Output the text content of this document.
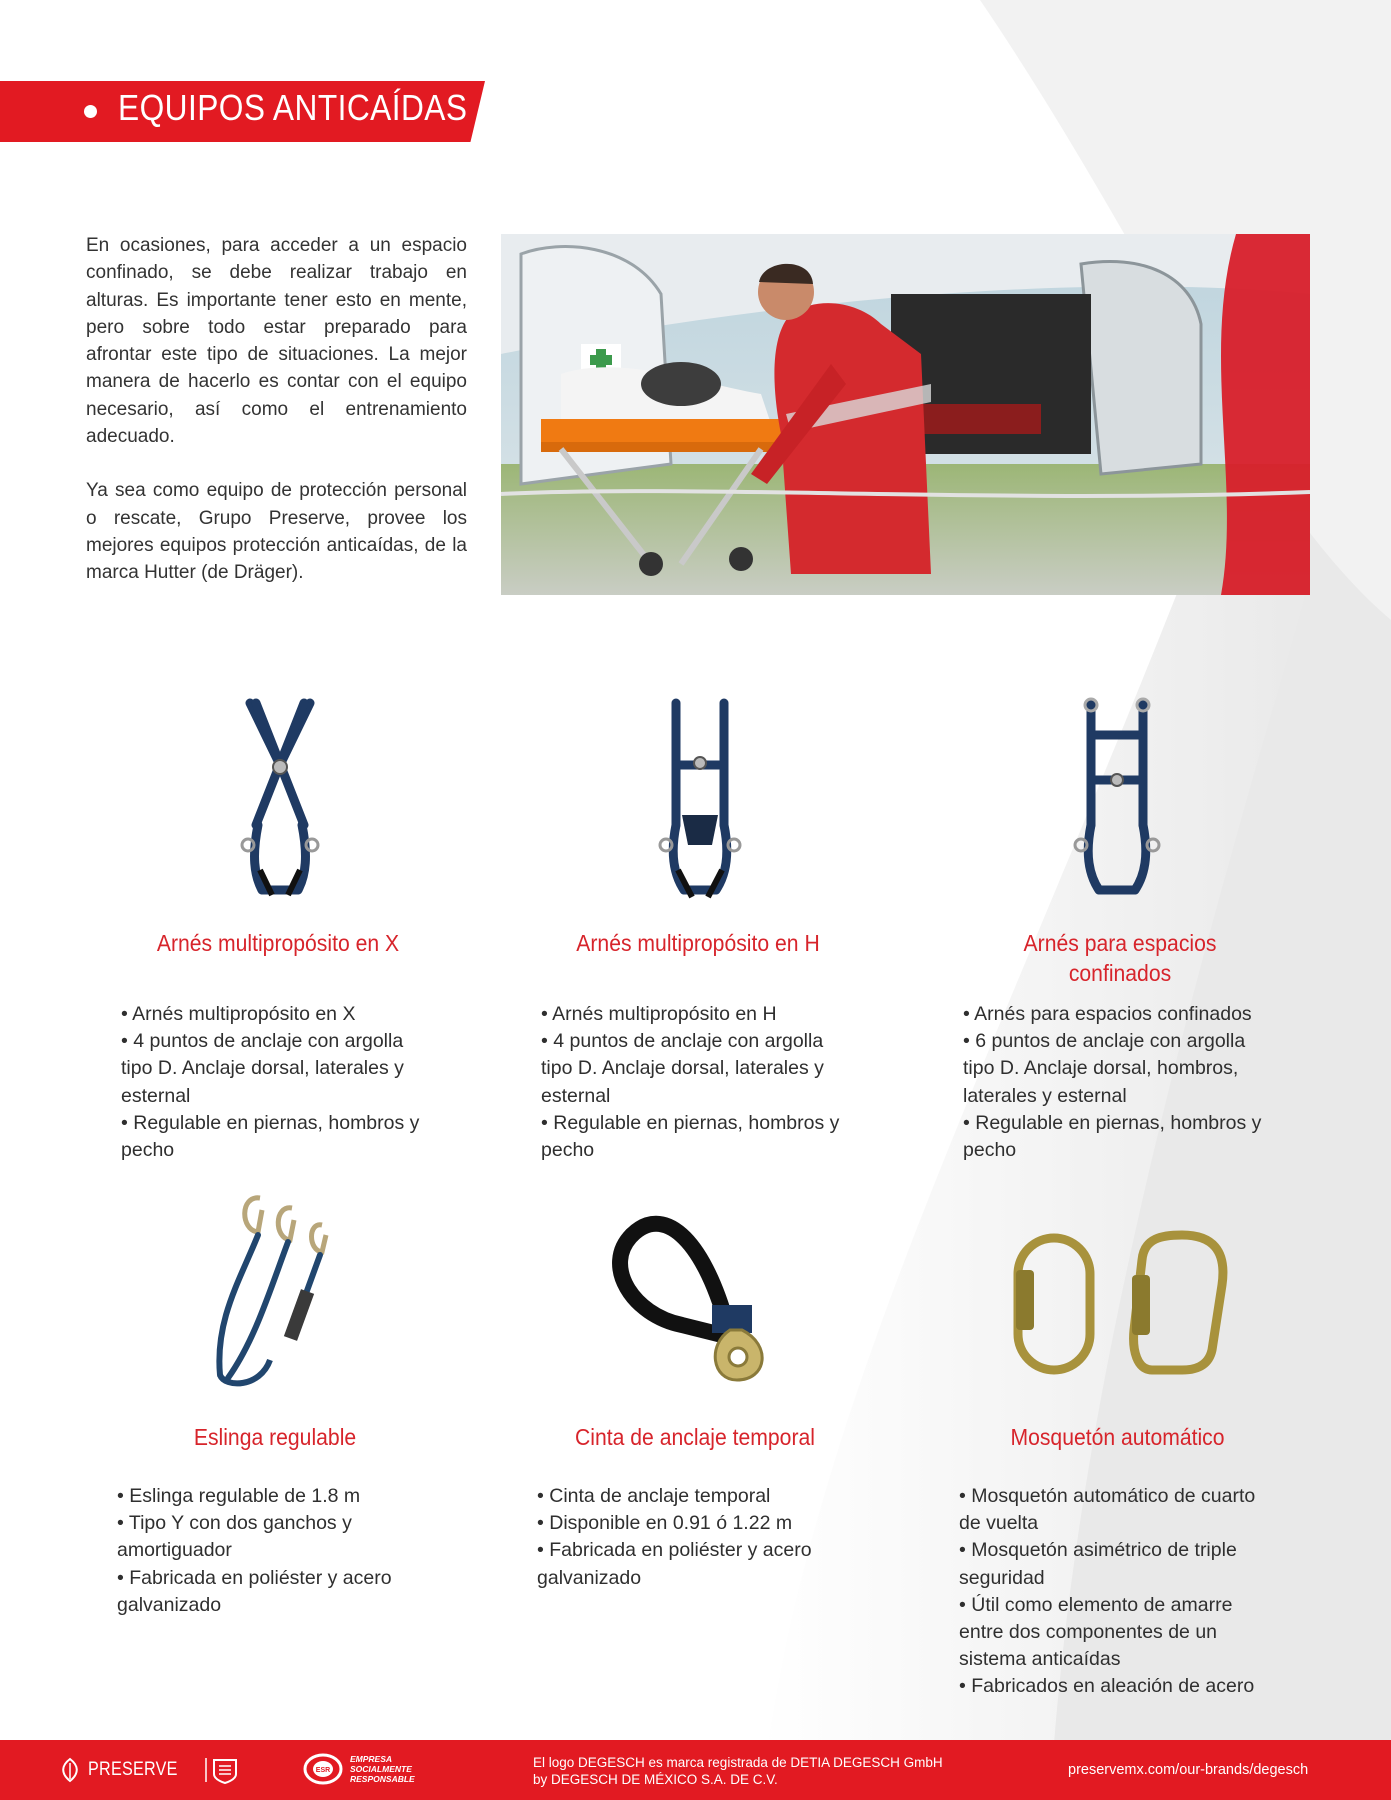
EQUIPOS ANTICAÍDAS

En ocasiones, para acceder a un espacio confinado, se debe realizar trabajo en alturas. Es importante tener esto en mente, pero sobre todo estar preparado para afrontar este tipo de situaciones. La mejor manera de hacerlo es contar con el equipo necesario, así como el entrenamiento adecuado.

Ya sea como equipo de protección personal o rescate, Grupo Preserve, provee los mejores equipos protección anticaídas, de la marca Hutter (de Dräger).

Arnés multipropósito en X	Arnés multipropósito en H	Arnés para espacios confinados
Eslinga regulable	Cinta de anclaje temporal	Mosquetón automático
• Arnés multipropósito en X
• 4 puntos de anclaje con argolla tipo D. Anclaje dorsal, laterales y esternal
• Regulable en piernas, hombros y pecho
• Arnés multipropósito en H
• 4 puntos de anclaje con argolla tipo D. Anclaje dorsal, laterales y esternal
• Regulable en piernas, hombros y pecho
• Arnés para espacios confinados
• 6 puntos de anclaje con argolla tipo D. Anclaje dorsal, hombros, laterales y esternal
• Regulable en piernas, hombros y pecho
• Eslinga regulable de 1.8 m
• Tipo Y con dos ganchos y amortiguador
• Fabricada en poliéster y acero galvanizado
• Cinta de anclaje temporal
• Disponible en 0.91 ó 1.22 m
• Fabricada en poliéster y acero galvanizado
• Mosquetón automático de cuarto de vuelta
• Mosquetón asimétrico de triple seguridad
• Útil como elemento de amarre entre dos componentes de un sistema anticaídas
• Fabricados en aleación de acero
PRESERVE	ESR
EMPRESA
SOCIALMENTE
RESPONSABLE
El logo DEGESCH es marca registrada de DETIA DEGESCH GmbH
by DEGESCH DE MÉXICO S.A. DE C.V.
preservemx.com/our-brands/degesch
